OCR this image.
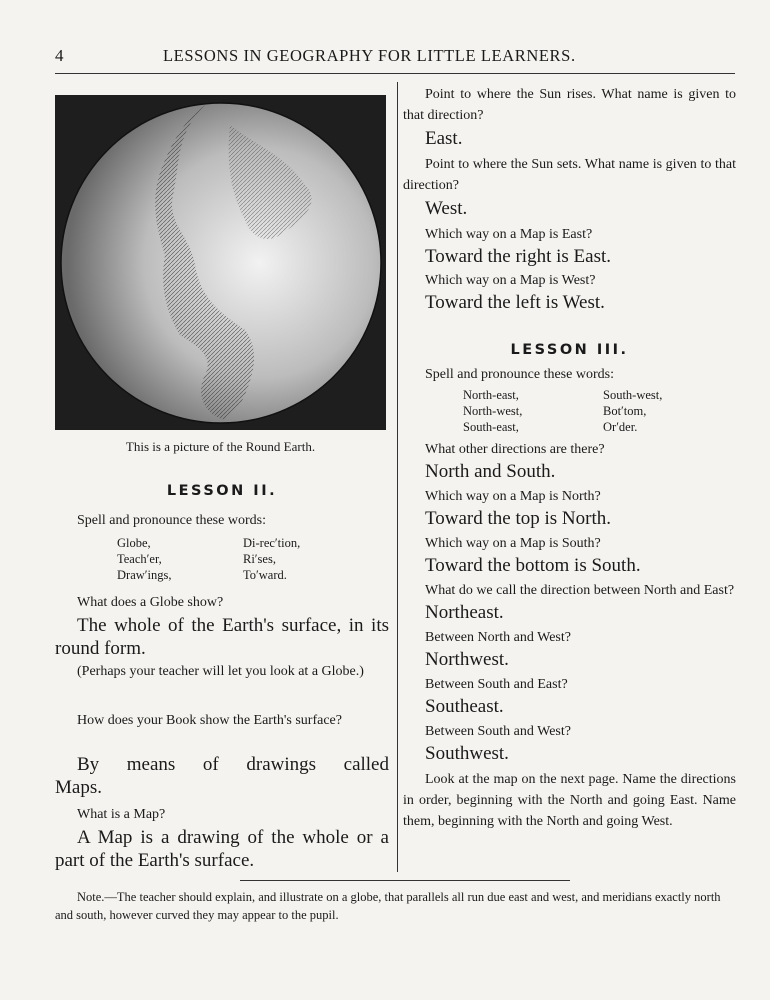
4	LESSONS IN GEOGRAPHY FOR LITTLE LEARNERS.
This is a picture of the Round Earth.
LESSON II.
Spell and pronounce these words:
Globe,	Di-rec′tion,
Teach′er,	Ri′ses,
Draw′ings,	To′ward.
What does a Globe show?
The whole of the Earth's surface, in its round form.
(Perhaps your teacher will let you look at a Globe.)
How does your Book show the Earth's surface?
By means of drawings called Maps.
What is a Map?
A Map is a drawing of the whole or a part of the Earth's surface.
Point to where the Sun rises. What name is given to that direction?
East.
Point to where the Sun sets. What name is given to that direction?
West.
Which way on a Map is East?
Toward the right is East.
Which way on a Map is West?
Toward the left is West.
LESSON III.
Spell and pronounce these words:
North-east,	South-west,
North-west,	Bot′tom,
South-east,	Or′der.
What other directions are there?
North and South.
Which way on a Map is North?
Toward the top is North.
Which way on a Map is South?
Toward the bottom is South.
What do we call the direction between North and East?
Northeast.
Between North and West?
Northwest.
Between South and East?
Southeast.
Between South and West?
Southwest.
Look at the map on the next page. Name the directions in order, beginning with the North and going East. Name them, beginning with the North and going West.
Note.—The teacher should explain, and illustrate on a globe, that parallels all run due east and west, and meridians exactly north and south, however curved they may appear to the pupil.
